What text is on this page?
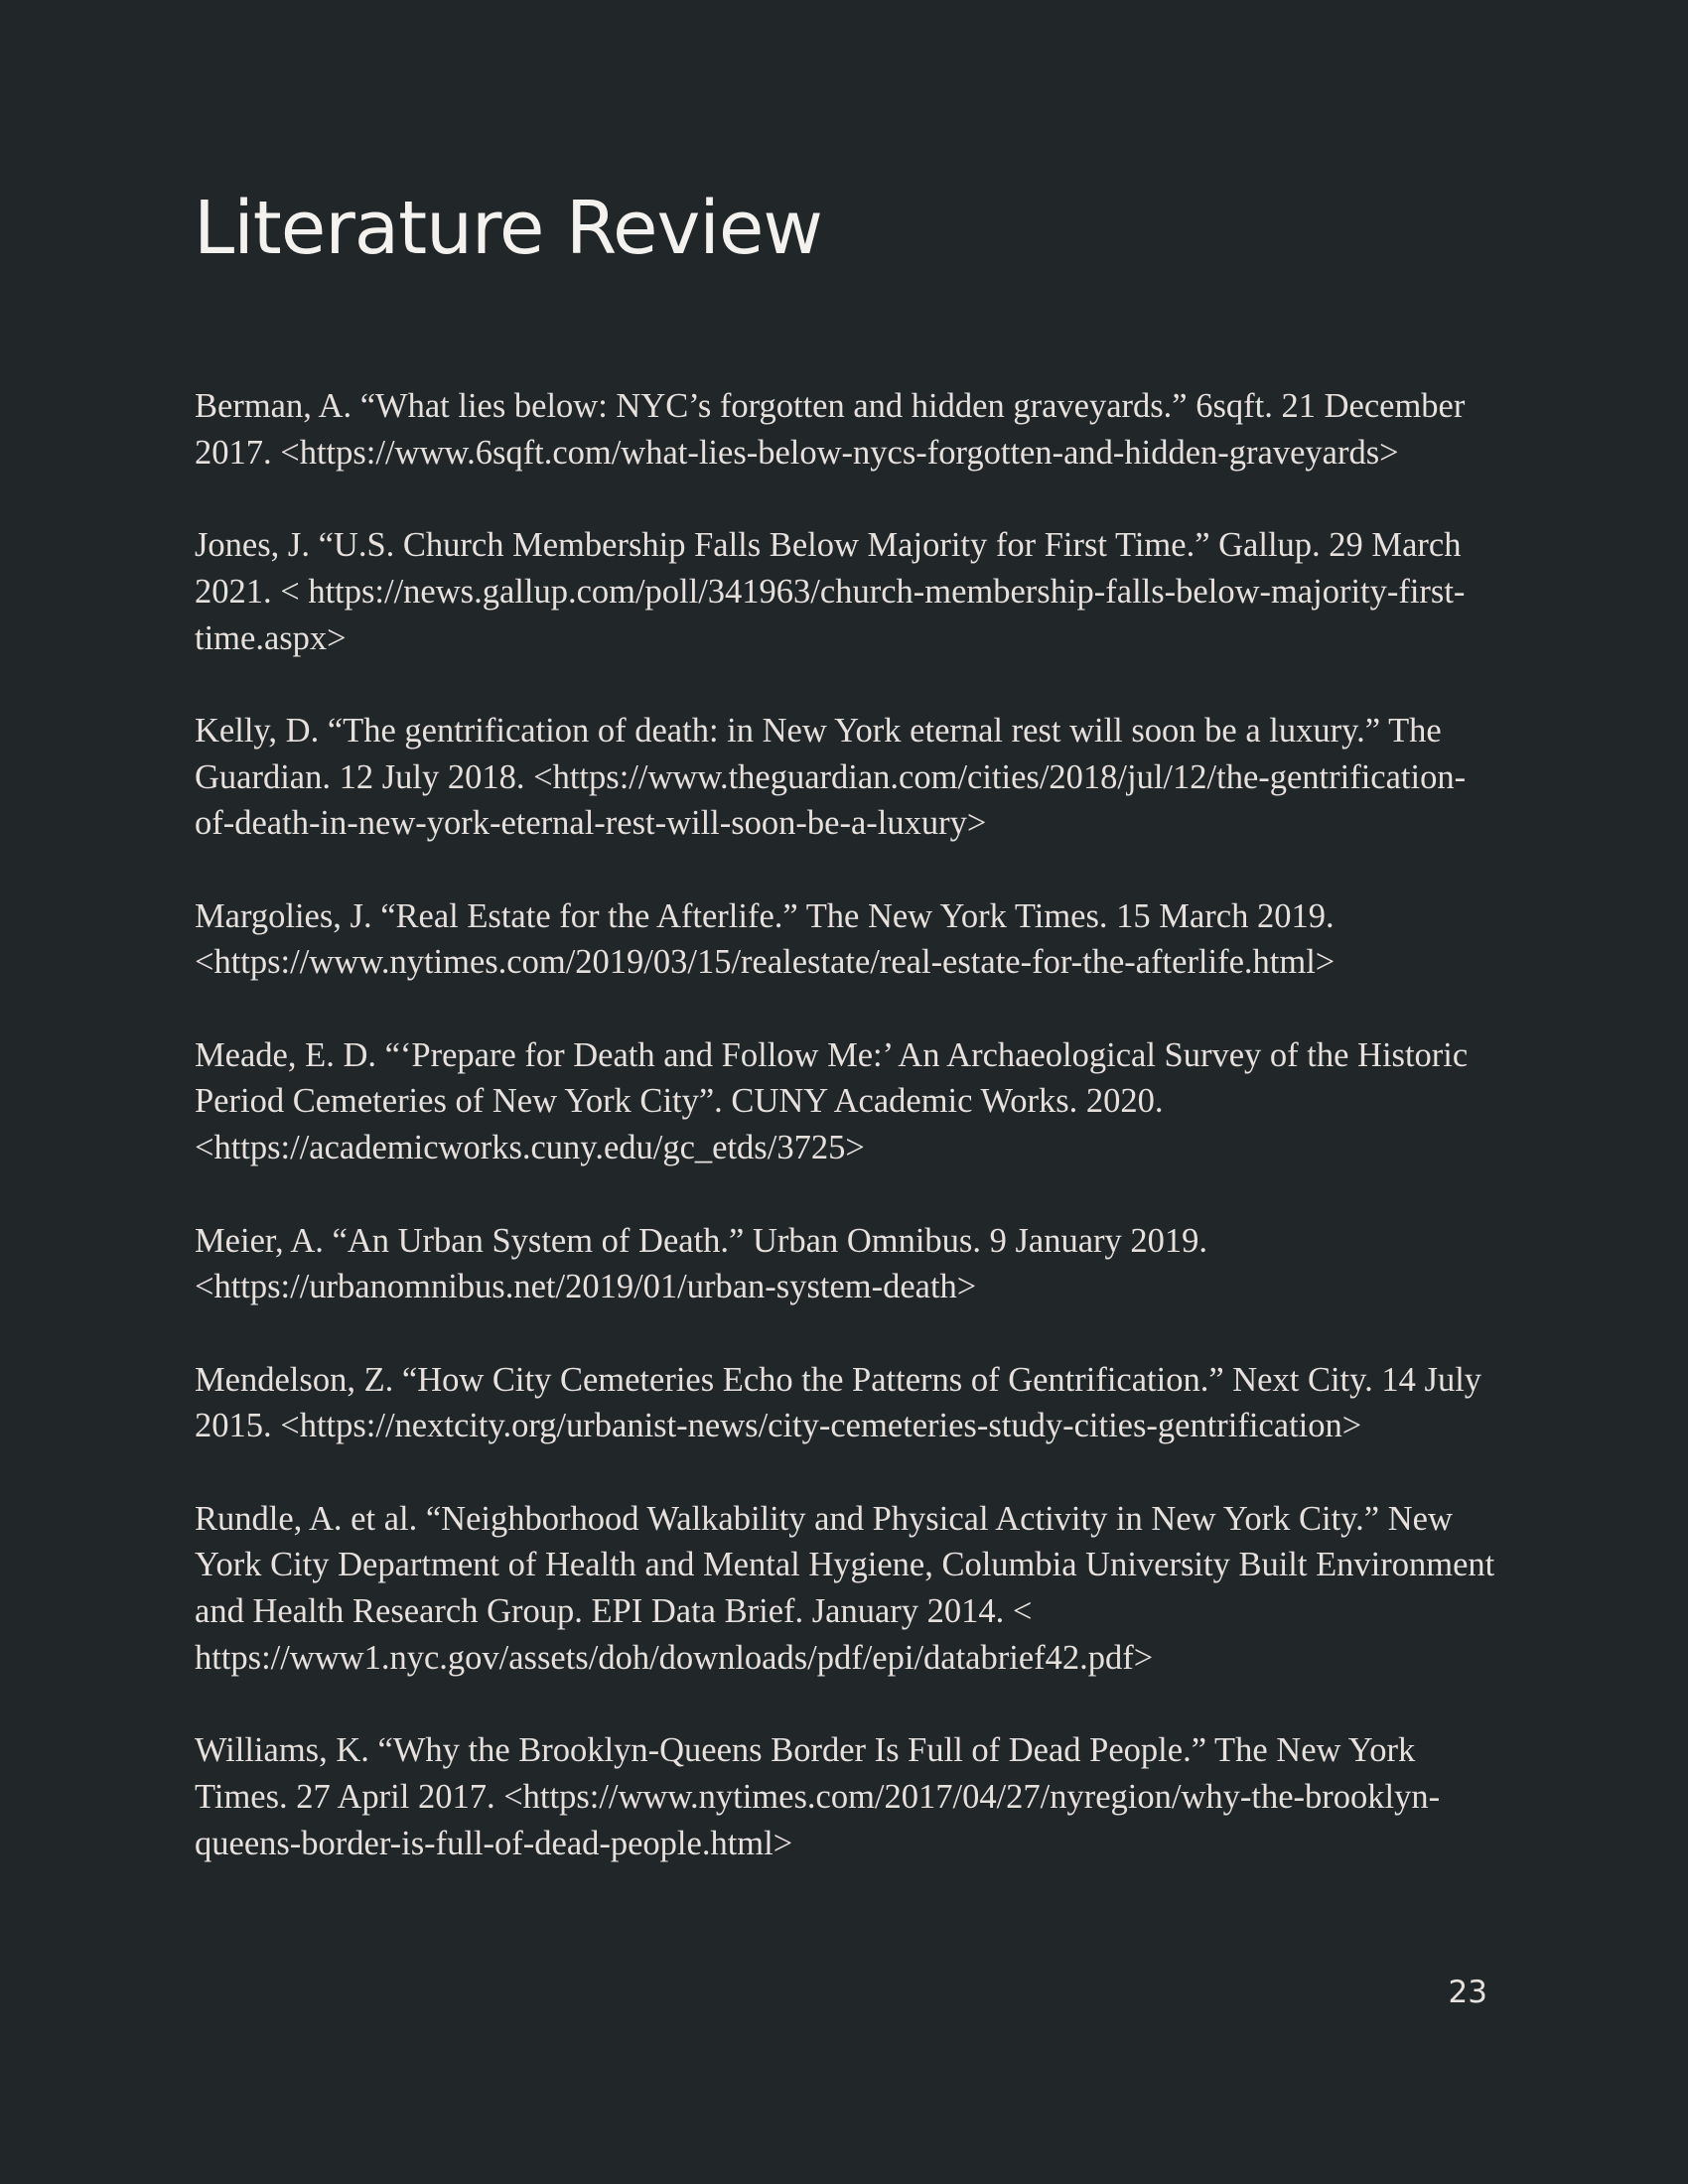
Literature Review
Berman, A. “What lies below: NYC’s forgotten and hidden graveyards.” 6sqft. 21 December 2017. <https://www.6sqft.com/what-lies-below-nycs-forgotten-and-hidden-graveyards>
Jones, J. “U.S. Church Membership Falls Below Majority for First Time.” Gallup. 29 March 2021. < https://news.gallup.com/poll/341963/church-membership-falls-below-majority-first-time.aspx>
Kelly, D. “The gentrification of death: in New York eternal rest will soon be a luxury.” The Guardian. 12 July 2018. <https://www.theguardian.com/cities/2018/jul/12/the-gentrification-of-death-in-new-york-eternal-rest-will-soon-be-a-luxury>
Margolies, J. “Real Estate for the Afterlife.” The New York Times. 15 March 2019. <https://www.nytimes.com/2019/03/15/realestate/real-estate-for-the-afterlife.html>
Meade, E. D. “‘Prepare for Death and Follow Me:’ An Archaeological Survey of the Historic Period Cemeteries of New York City”. CUNY Academic Works. 2020. <https://academicworks.cuny.edu/gc_etds/3725>
Meier, A. “An Urban System of Death.” Urban Omnibus. 9 January 2019. <https://urbanomnibus.net/2019/01/urban-system-death>
Mendelson, Z. “How City Cemeteries Echo the Patterns of Gentrification.” Next City. 14 July 2015. <https://nextcity.org/urbanist-news/city-cemeteries-study-cities-gentrification>
Rundle, A. et al. “Neighborhood Walkability and Physical Activity in New York City.” New York City Department of Health and Mental Hygiene, Columbia University Built Environment and Health Research Group. EPI Data Brief. January 2014. < https://www1.nyc.gov/assets/doh/downloads/pdf/epi/databrief42.pdf>
Williams, K. “Why the Brooklyn-Queens Border Is Full of Dead People.” The New York Times. 27 April 2017. <https://www.nytimes.com/2017/04/27/nyregion/why-the-brooklyn-queens-border-is-full-of-dead-people.html>
23
